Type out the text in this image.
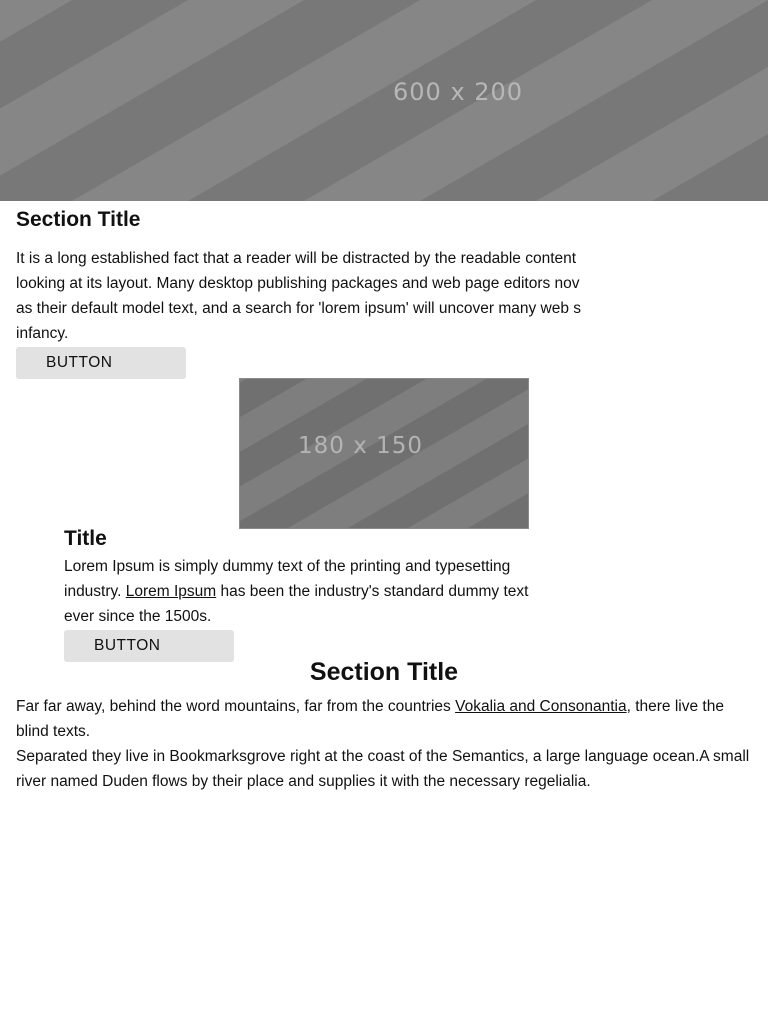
600 x 200
Section Title
It is a long established fact that a reader will be distracted by the readable content
looking at its layout. Many desktop publishing packages and web page editors nov
as their default model text, and a search for 'lorem ipsum' will uncover many web s
infancy.
BUTTON
180 x 150
Title
Lorem Ipsum is simply dummy text of the printing and typesetting
industry. Lorem Ipsum has been the industry's standard dummy text
ever since the 1500s.
BUTTON
Section Title
Far far away, behind the word mountains, far from the countries Vokalia and Consonantia, there live the blind texts.
Separated they live in Bookmarksgrove right at the coast of the Semantics, a large language ocean.A small river named Duden flows by their place and supplies it with the necessary regelialia.
